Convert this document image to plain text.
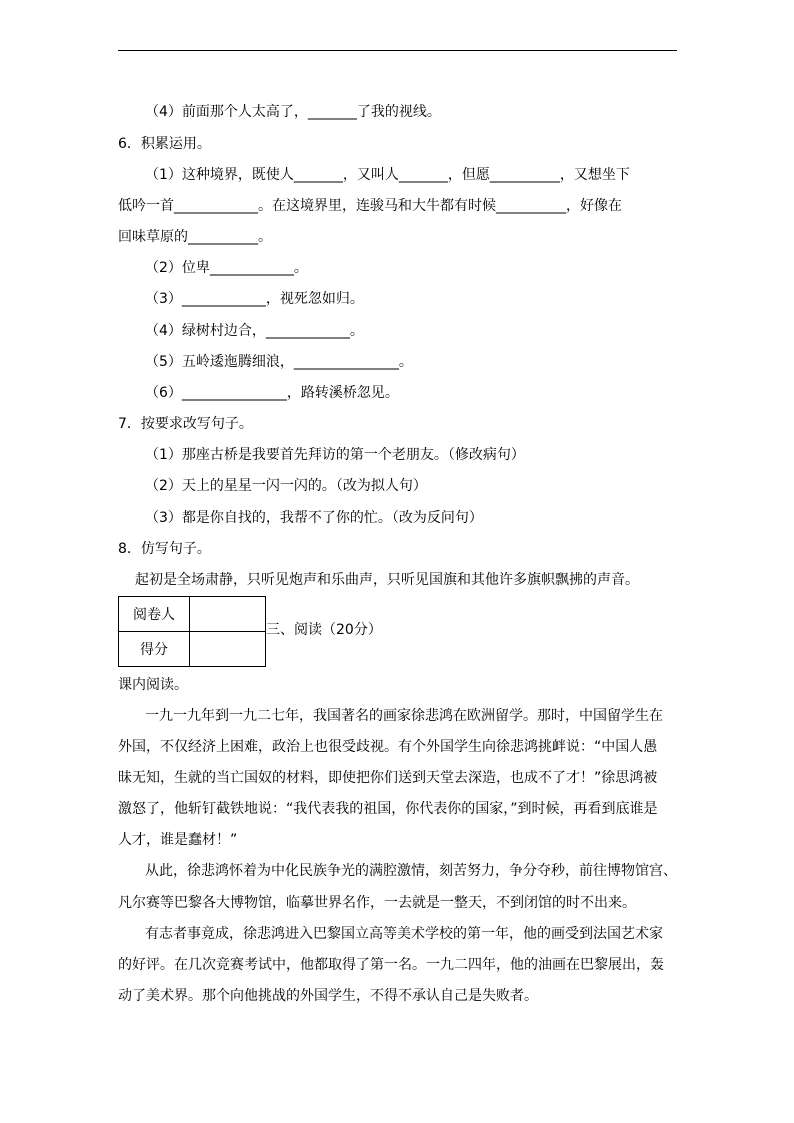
（4）前面那个人太高了，_______了我的视线。
6．积累运用。
（1）这种境界，既使人_______，又叫人_______，但愿__________，又想坐下
低吟一首____________。在这境界里，连骏马和大牛都有时候__________，好像在
回味草原的__________。
（2）位卑____________。
（3）____________，视死忽如归。
（4）绿树村边合，____________。
（5）五岭逶迤腾细浪，_______________。
（6）_______________，路转溪桥忽见。
7．按要求改写句子。
（1）那座古桥是我要首先拜访的第一个老朋友。（修改病句）
（2）天上的星星一闪一闪的。（改为拟人句）
（3）都是你自找的，我帮不了你的忙。（改为反问句）
8．仿写句子。
起初是全场肃静，只听见炮声和乐曲声，只听见国旗和其他许多旗帜飘拂的声音。
阅卷人	
得分	
三、阅读（20分）
课内阅读。
一九一九年到一九二七年，我国著名的画家徐悲鸿在欧洲留学。那时，中国留学生在
外国，不仅经济上困难，政治上也很受歧视。有个外国学生向徐悲鸿挑衅说：“中国人愚
昧无知，生就的当亡国奴的材料，即使把你们送到天堂去深造，也成不了才！”徐思鸿被
激怒了，他斩钉截铁地说：“我代表我的祖国，你代表你的国家，”到时候，再看到底谁是
人才，谁是蠢材！”
从此，徐悲鸿怀着为中化民族争光的满腔激情，刻苦努力，争分夺秒，前往博物馆宫、
凡尔赛等巴黎各大博物馆，临摹世界名作，一去就是一整天，不到闭馆的时不出来。
有志者事竟成，徐悲鸿进入巴黎国立高等美术学校的第一年，他的画受到法国艺术家
的好评。在几次竞赛考试中，他都取得了第一名。一九二四年，他的油画在巴黎展出，轰
动了美术界。那个向他挑战的外国学生，不得不承认自己是失败者。
